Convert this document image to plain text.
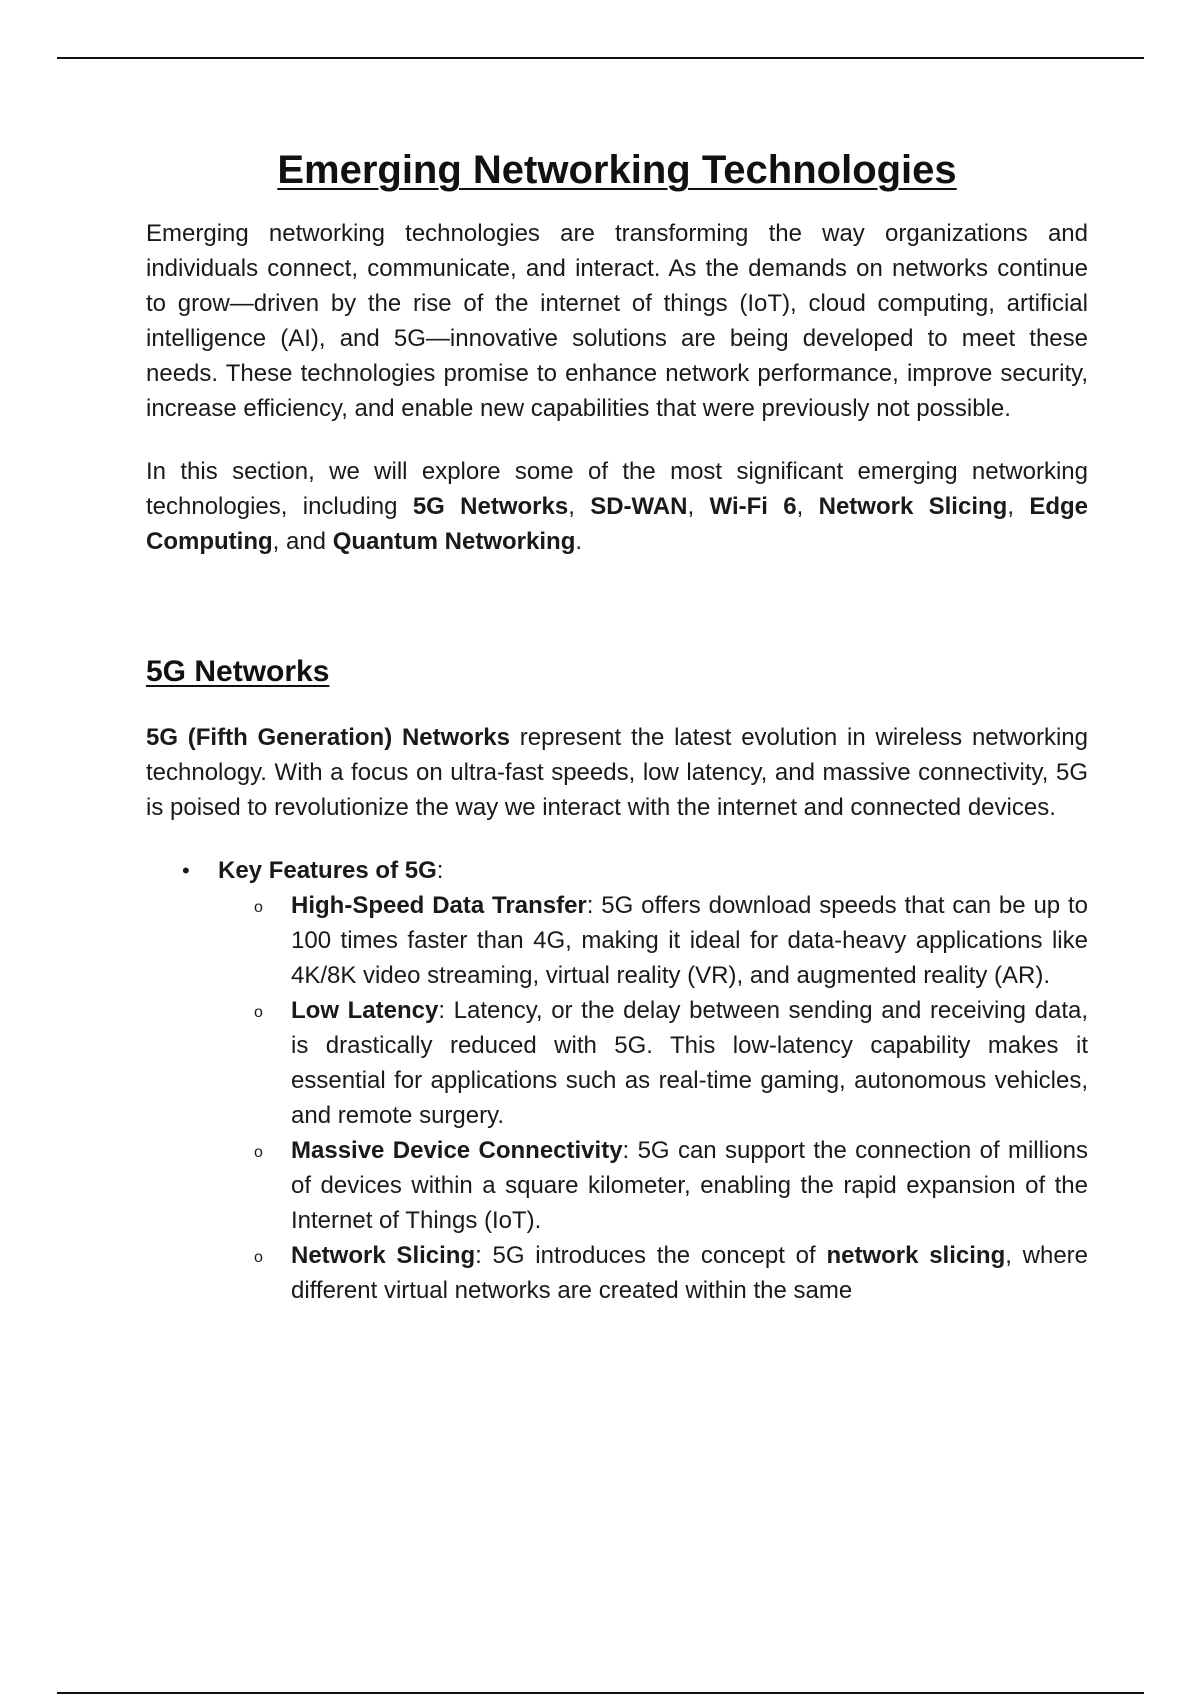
Emerging Networking Technologies

Emerging networking technologies are transforming the way organizations and individuals connect, communicate, and interact. As the demands on networks continue to grow—driven by the rise of the internet of things (IoT), cloud computing, artificial intelligence (AI), and 5G—innovative solutions are being developed to meet these needs. These technologies promise to enhance network performance, improve security, increase efficiency, and enable new capabilities that were previously not possible.

In this section, we will explore some of the most significant emerging networking technologies, including 5G Networks, SD-WAN, Wi-Fi 6, Network Slicing, Edge Computing, and Quantum Networking.

5G Networks

5G (Fifth Generation) Networks represent the latest evolution in wireless networking technology. With a focus on ultra-fast speeds, low latency, and massive connectivity, 5G is poised to revolutionize the way we interact with the internet and connected devices.

• Key Features of 5G:
o High-Speed Data Transfer: 5G offers download speeds that can be up to 100 times faster than 4G, making it ideal for data-heavy applications like 4K/8K video streaming, virtual reality (VR), and augmented reality (AR).
o Low Latency: Latency, or the delay between sending and receiving data, is drastically reduced with 5G. This low-latency capability makes it essential for applications such as real-time gaming, autonomous vehicles, and remote surgery.
o Massive Device Connectivity: 5G can support the connection of millions of devices within a square kilometer, enabling the rapid expansion of the Internet of Things (IoT).
o Network Slicing: 5G introduces the concept of network slicing, where different virtual networks are created within the same
